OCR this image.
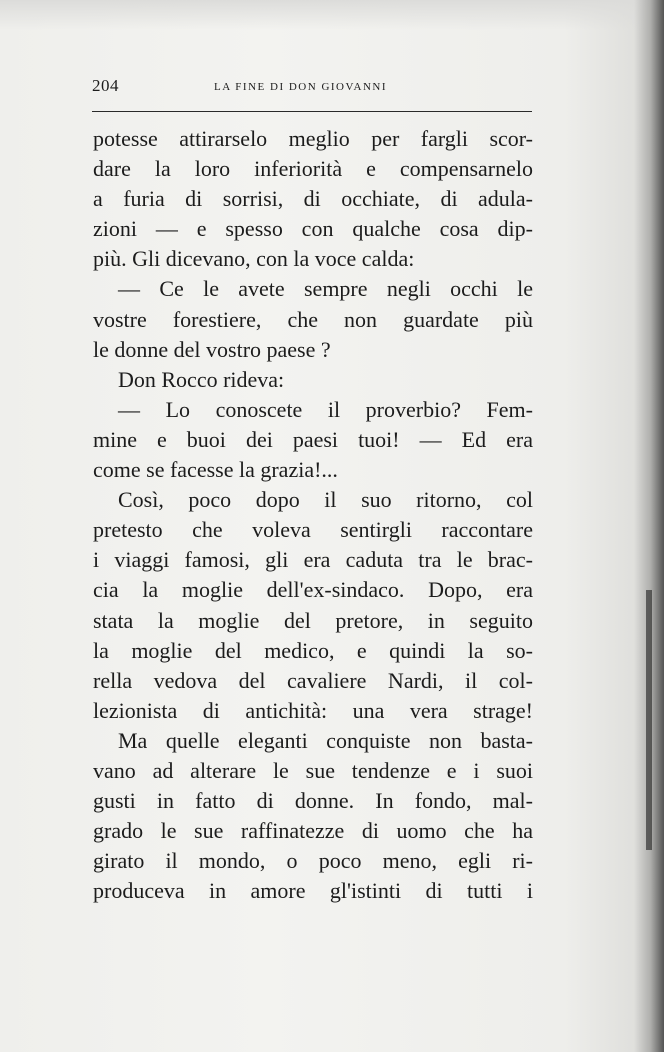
204	LA FINE DI DON GIOVANNI
potesse attirarselo meglio per fargli scor-
dare la loro inferiorità e compensarnelo
a furia di sorrisi, di occhiate, di adula-
zioni — e spesso con qualche cosa dip-
più. Gli dicevano, con la voce calda:
— Ce le avete sempre negli occhi le
vostre forestiere, che non guardate più
le donne del vostro paese ?
Don Rocco rideva:
— Lo conoscete il proverbio? Fem-
mine e buoi dei paesi tuoi! — Ed era
come se facesse la grazia!...
Così, poco dopo il suo ritorno, col
pretesto che voleva sentirgli raccontare
i viaggi famosi, gli era caduta tra le brac-
cia la moglie dell'ex-sindaco. Dopo, era
stata la moglie del pretore, in seguito
la moglie del medico, e quindi la so-
rella vedova del cavaliere Nardi, il col-
lezionista di antichità: una vera strage!
Ma quelle eleganti conquiste non basta-
vano ad alterare le sue tendenze e i suoi
gusti in fatto di donne. In fondo, mal-
grado le sue raffinatezze di uomo che ha
girato il mondo, o poco meno, egli ri-
produceva in amore gl'istinti di tutti i
